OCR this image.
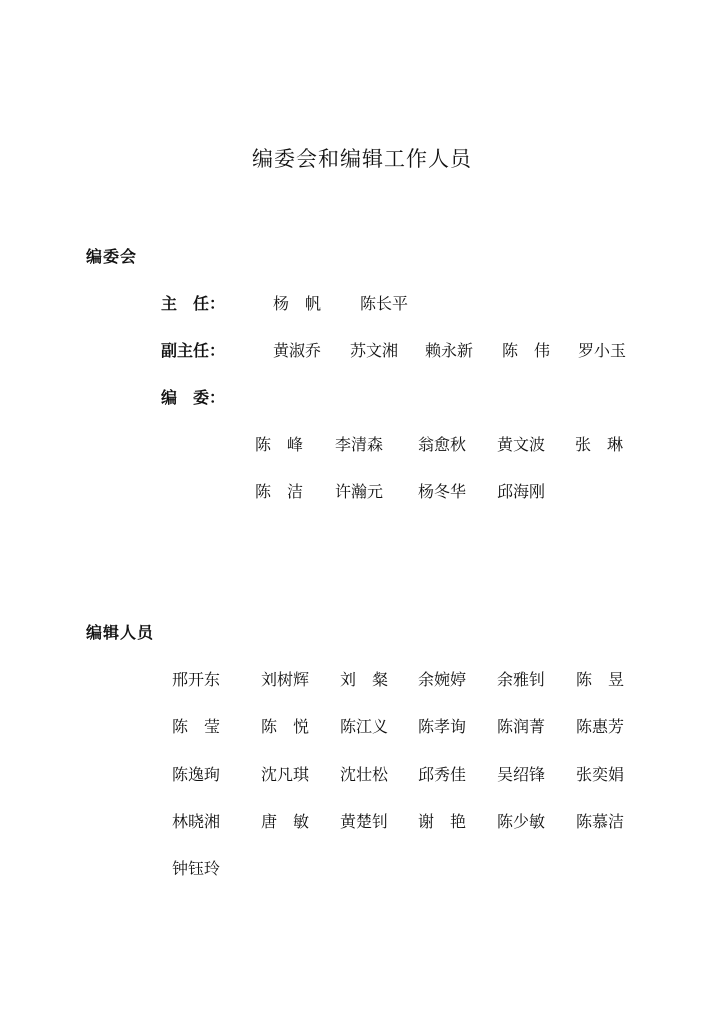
编委会和编辑工作人员
编委会
主　任：	杨　帆 陈长平
副主任：	黄淑乔 苏文湘 赖永新 陈　伟 罗小玉
编　委：
陈　峰 李清森 翁愈秋 黄文波 张　琳
陈　洁 许瀚元 杨冬华 邱海刚
编辑人员
邢开东	刘树辉 刘　粲 余婉婷 余雅钊 陈　昱
陈　莹	陈　悦 陈江义 陈孝询 陈润菁 陈惠芳
陈逸珣	沈凡琪 沈壮松 邱秀佳 吴绍锋 张奕娟
林晓湘	唐　敏 黄楚钊 谢　艳 陈少敏 陈慕洁
钟钰玲
